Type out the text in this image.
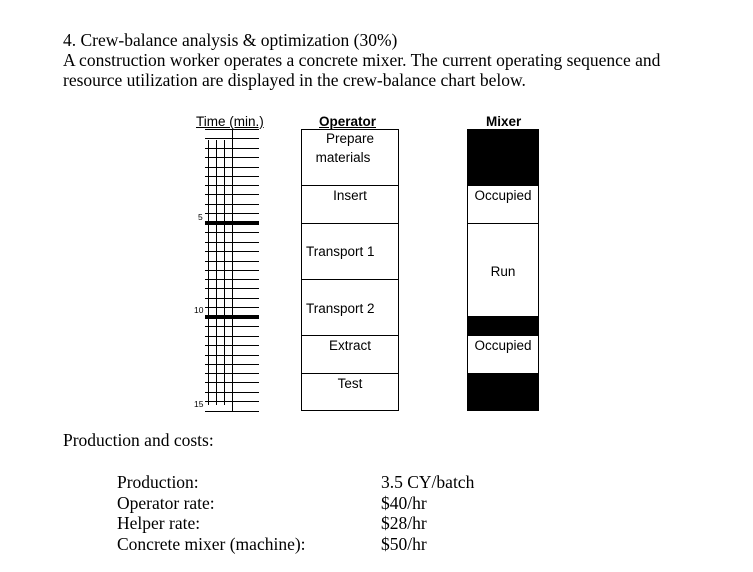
4. Crew-balance analysis & optimization (30%)
A construction worker operates a concrete mixer. The current operating sequence and
resource utilization are displayed in the crew-balance chart below.
Time (min.)	Operator	Mixer
5
10
15
Prepare
materials
Insert
Transport 1
Transport 2
Extract
Test
Occupied
Run
Occupied
Production and costs:
Production:
Operator rate:
Helper rate:
Concrete mixer (machine):
3.5 CY/batch
$40/hr
$28/hr
$50/hr
